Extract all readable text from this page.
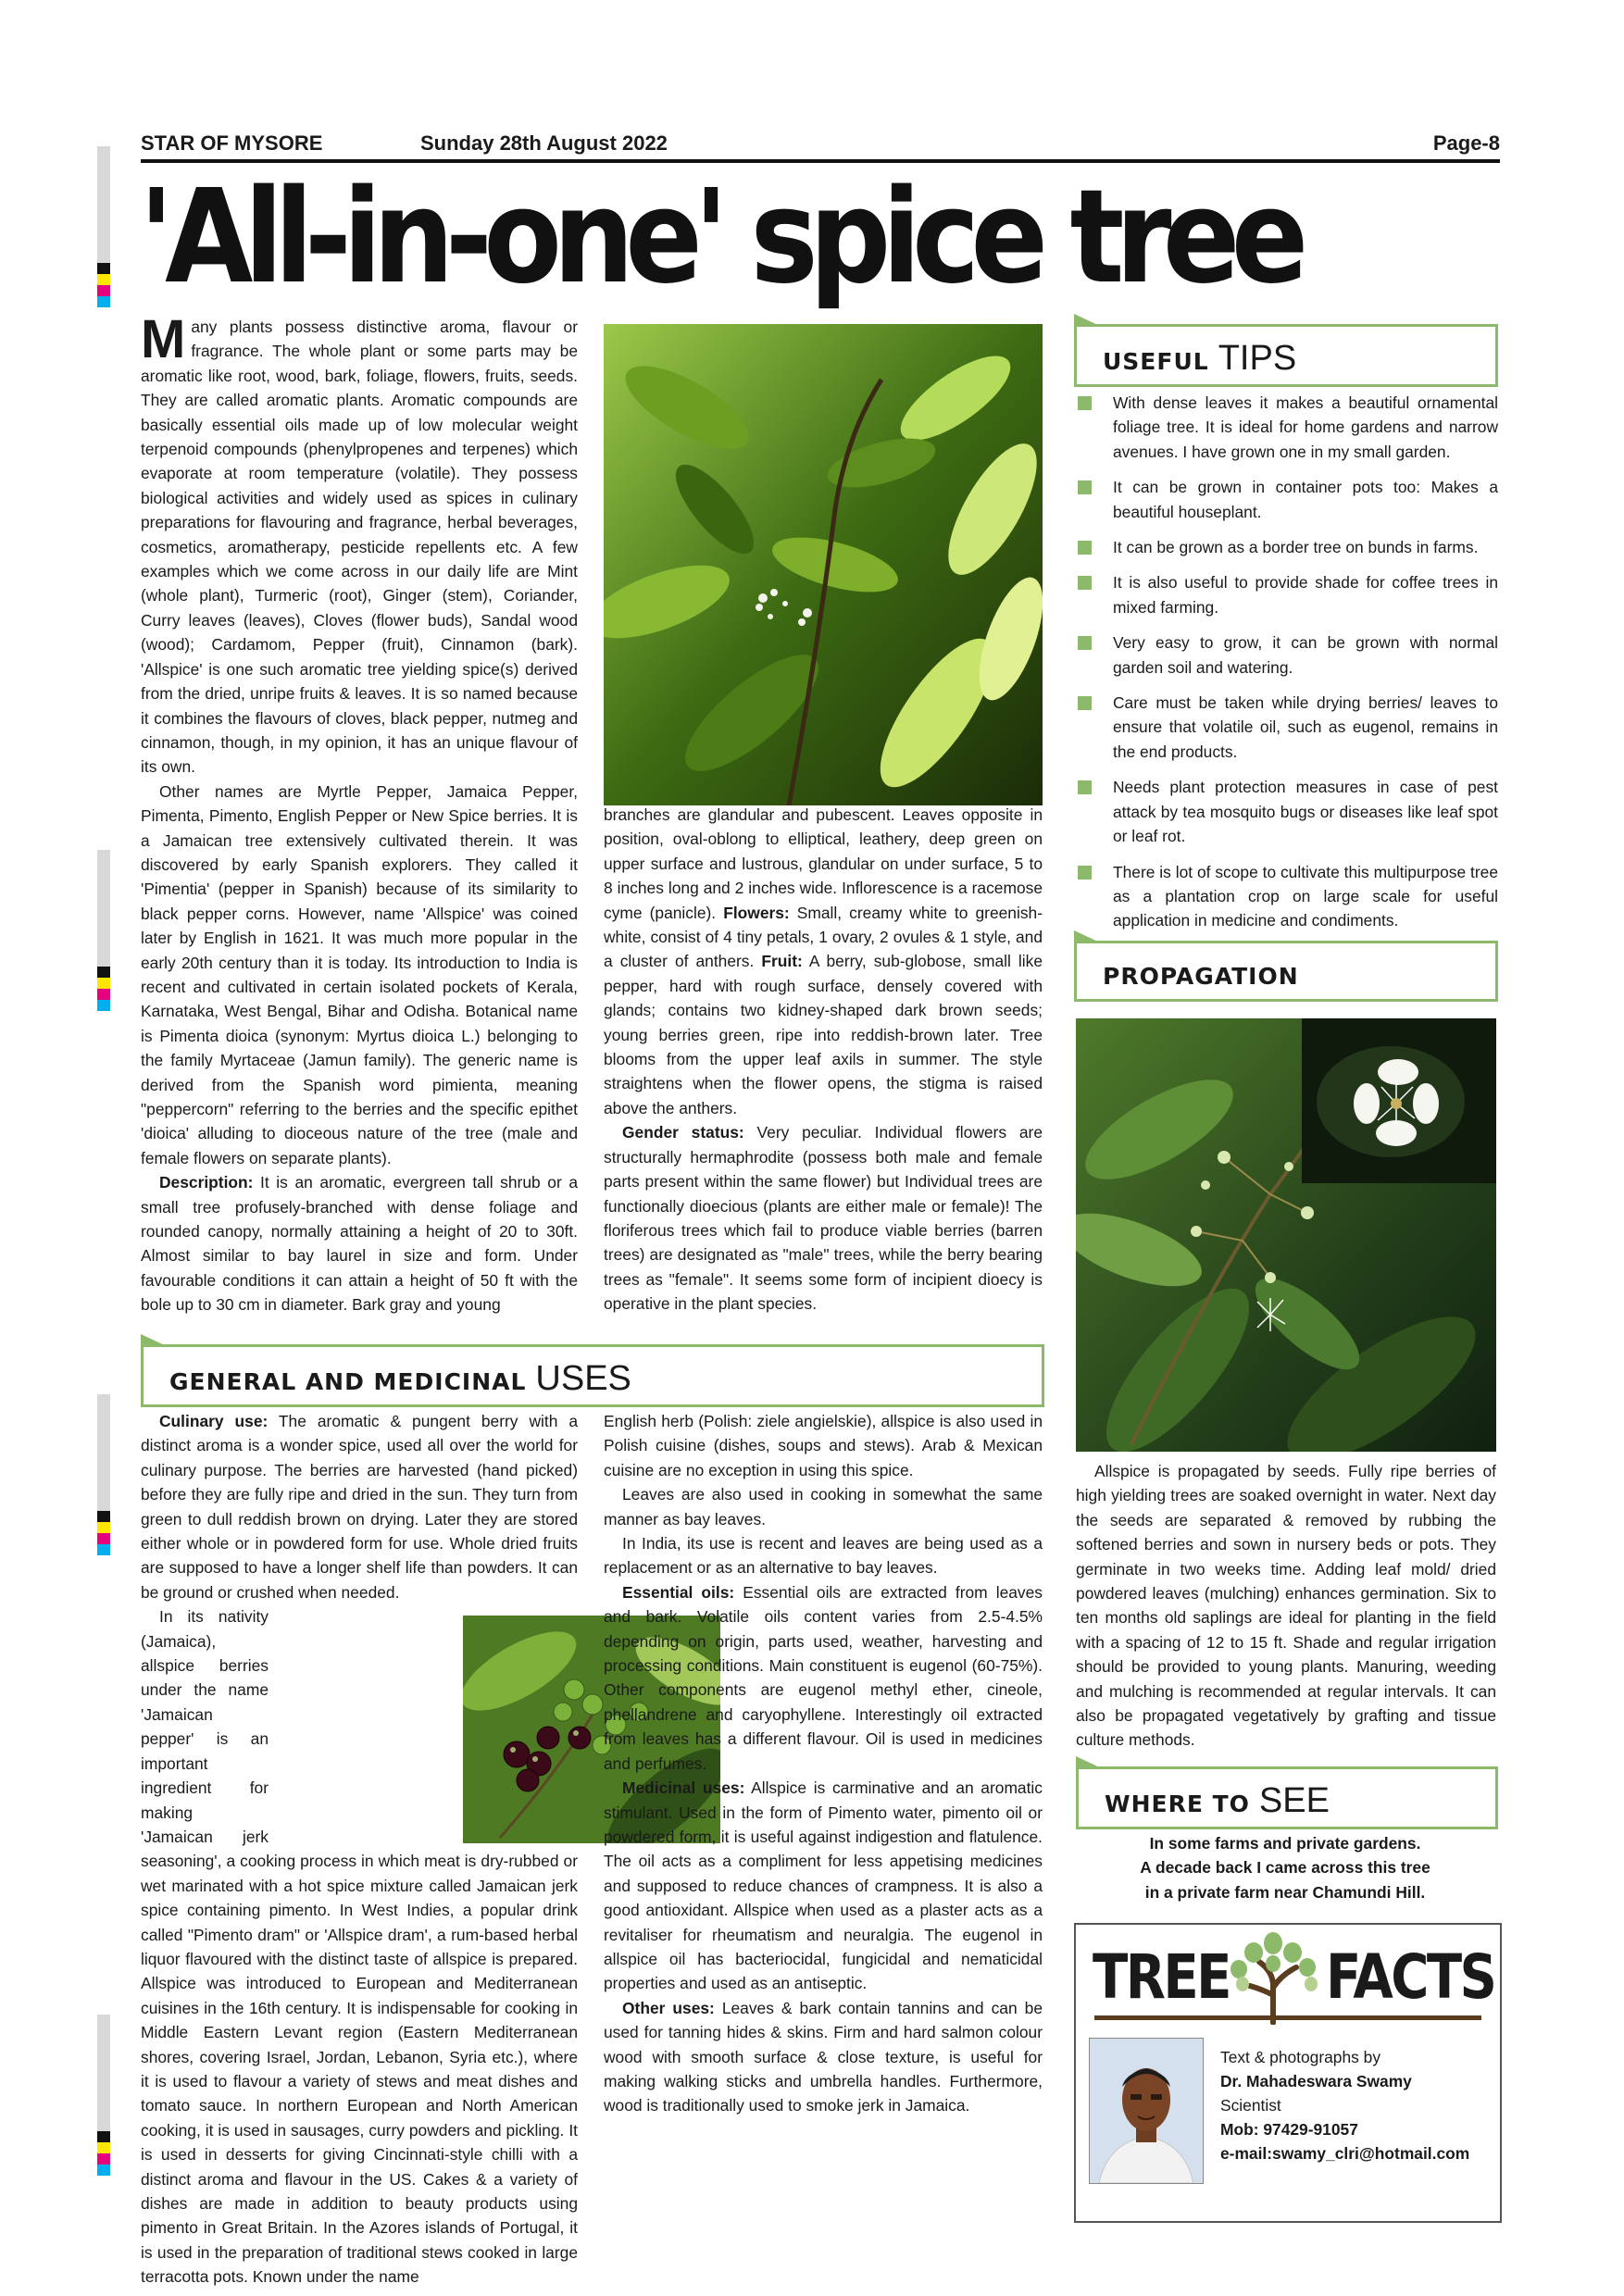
STAR OF MYSORE	Sunday 28th August 2022	Page-8
'All-in-one' spice tree

Many plants possess distinctive aroma, flavour or fragrance. The whole plant or some parts may be aromatic like root, wood, bark, foliage, flowers, fruits, seeds. They are called aromatic plants. Aromatic compounds are basically essential oils made up of low molecular weight terpenoid compounds (phenylpropenes and terpenes) which evaporate at room temperature (volatile). They possess biological activities and widely used as spices in culinary preparations for flavouring and fragrance, herbal beverages, cosmetics, aromatherapy, pesticide repellents etc. A few examples which we come across in our daily life are Mint (whole plant), Turmeric (root), Ginger (stem), Coriander, Curry leaves (leaves), Cloves (flower buds), Sandal wood (wood); Cardamom, Pepper (fruit), Cinnamon (bark). 'Allspice' is one such aromatic tree yielding spice(s) derived from the dried, unripe fruits & leaves. It is so named because it combines the flavours of cloves, black pepper, nutmeg and cinnamon, though, in my opinion, it has an unique flavour of its own.

Other names are Myrtle Pepper, Jamaica Pepper, Pimenta, Pimento, English Pepper or New Spice berries. It is a Jamaican tree extensively cultivated therein. It was discovered by early Spanish explorers. They called it 'Pimentia' (pepper in Spanish) because of its similarity to black pepper corns. However, name 'Allspice' was coined later by English in 1621. It was much more popular in the early 20th century than it is today. Its introduction to India is recent and cultivated in certain isolated pockets of Kerala, Karnataka, West Bengal, Bihar and Odisha. Botanical name is Pimenta dioica (synonym: Myrtus dioica L.) belonging to the family Myrtaceae (Jamun family). The generic name is derived from the Spanish word pimienta, meaning "peppercorn" referring to the berries and the specific epithet 'dioica' alluding to dioceous nature of the tree (male and female flowers on separate plants).

Description: It is an aromatic, evergreen tall shrub or a small tree profusely-branched with dense foliage and rounded canopy, normally attaining a height of 20 to 30ft. Almost similar to bay laurel in size and form. Under favourable conditions it can attain a height of 50 ft with the bole up to 30 cm in diameter. Bark gray and young

branches are glandular and pubescent. Leaves opposite in position, oval-oblong to elliptical, leathery, deep green on upper surface and lustrous, glandular on under surface, 5 to 8 inches long and 2 inches wide. Inflorescence is a racemose cyme (panicle). Flowers: Small, creamy white to greenish-white, consist of 4 tiny petals, 1 ovary, 2 ovules & 1 style, and a cluster of anthers. Fruit: A berry, sub-globose, small like pepper, hard with rough surface, densely covered with glands; contains two kidney-shaped dark brown seeds; young berries green, ripe into reddish-brown later. Tree blooms from the upper leaf axils in summer. The style straightens when the flower opens, the stigma is raised above the anthers.

Gender status: Very peculiar. Individual flowers are structurally hermaphrodite (possess both male and female parts present within the same flower) but Individual trees are functionally dioecious (plants are either male or female)! The floriferous trees which fail to produce viable berries (barren trees) are designated as "male" trees, while the berry bearing trees as "female". It seems some form of incipient dioecy is operative in the plant species.

USEFUL TIPS
With dense leaves it makes a beautiful ornamental foliage tree. It is ideal for home gardens and narrow avenues. I have grown one in my small garden.
It can be grown in container pots too: Makes a beautiful houseplant.
It can be grown as a border tree on bunds in farms.
It is also useful to provide shade for coffee trees in mixed farming.
Very easy to grow, it can be grown with normal garden soil and watering.
Care must be taken while drying berries/ leaves to ensure that volatile oil, such as eugenol, remains in the end products.
Needs plant protection measures in case of pest attack by tea mosquito bugs or diseases like leaf spot or leaf rot.
There is lot of scope to cultivate this multipurpose tree as a plantation crop on large scale for useful application in medicine and condiments.
PROPAGATION
Allspice is propagated by seeds. Fully ripe berries of high yielding trees are soaked overnight in water. Next day the seeds are separated & removed by rubbing the softened berries and sown in nursery beds or pots. They germinate in two weeks time. Adding leaf mold/ dried powdered leaves (mulching) enhances germination. Six to ten months old saplings are ideal for planting in the field with a spacing of 12 to 15 ft. Shade and regular irrigation should be provided to young plants. Manuring, weeding and mulching is recommended at regular intervals. It can also be propagated vegetatively by grafting and tissue culture methods.
GENERAL AND MEDICINAL USES

Culinary use: The aromatic & pungent berry with a distinct aroma is a wonder spice, used all over the world for culinary purpose. The berries are harvested (hand picked) before they are fully ripe and dried in the sun. They turn from green to dull reddish brown on drying. Later they are stored either whole or in powdered form for use. Whole dried fruits are supposed to have a longer shelf life than powders. It can be ground or crushed when needed.

In its nativity (Jamaica), allspice berries under the name 'Jamaican pepper' is an important ingredient for making 'Jamaican jerk seasoning', a cooking process in which meat is dry-rubbed or wet marinated with a hot spice mixture called Jamaican jerk spice containing pimento. In West Indies, a popular drink called "Pimento dram" or 'Allspice dram', a rum-based herbal liquor flavoured with the distinct taste of allspice is prepared. Allspice was introduced to European and Mediterranean cuisines in the 16th century. It is indispensable for cooking in Middle Eastern Levant region (Eastern Mediterranean shores, covering Israel, Jordan, Lebanon, Syria etc.), where it is used to flavour a variety of stews and meat dishes and tomato sauce. In northern European and North American cooking, it is used in sausages, curry powders and pickling. It is used in desserts for giving Cincinnati-style chilli with a distinct aroma and flavour in the US. Cakes & a variety of dishes are made in addition to beauty products using pimento in Great Britain. In the Azores islands of Portugal, it is used in the preparation of traditional stews cooked in large terracotta pots. Known under the name

English herb (Polish: ziele angielskie), allspice is also used in Polish cuisine (dishes, soups and stews). Arab & Mexican cuisine are no exception in using this spice.

Leaves are also used in cooking in somewhat the same manner as bay leaves.

In India, its use is recent and leaves are being used as a replacement or as an alternative to bay leaves.

Essential oils: Essential oils are extracted from leaves and bark. Volatile oils content varies from 2.5-4.5% depending on origin, parts used, weather, harvesting and processing conditions. Main constituent is eugenol (60-75%). Other components are eugenol methyl ether, cineole, phellandrene and caryophyllene. Interestingly oil extracted from leaves has a different flavour. Oil is used in medicines and perfumes.

Medicinal uses: Allspice is carminative and an aromatic stimulant. Used in the form of Pimento water, pimento oil or powdered form, it is useful against indigestion and flatulence. The oil acts as a compliment for less appetising medicines and supposed to reduce chances of crampness. It is also a good antioxidant. Allspice when used as a plaster acts as a revitaliser for rheumatism and neuralgia. The eugenol in allspice oil has bacteriocidal, fungicidal and nematicidal properties and used as an antiseptic.

Other uses: Leaves & bark contain tannins and can be used for tanning hides & skins. Firm and hard salmon colour wood with smooth surface & close texture, is useful for making walking sticks and umbrella handles. Furthermore, wood is traditionally used to smoke jerk in Jamaica.

WHERE TO SEE
In some farms and private gardens.
A decade back I came across this tree
in a private farm near Chamundi Hill.
TREE FACTS
Text & photographs by
Dr. Mahadeswara Swamy
Scientist
Mob: 97429-91057
e-mail:swamy_clri@hotmail.com
